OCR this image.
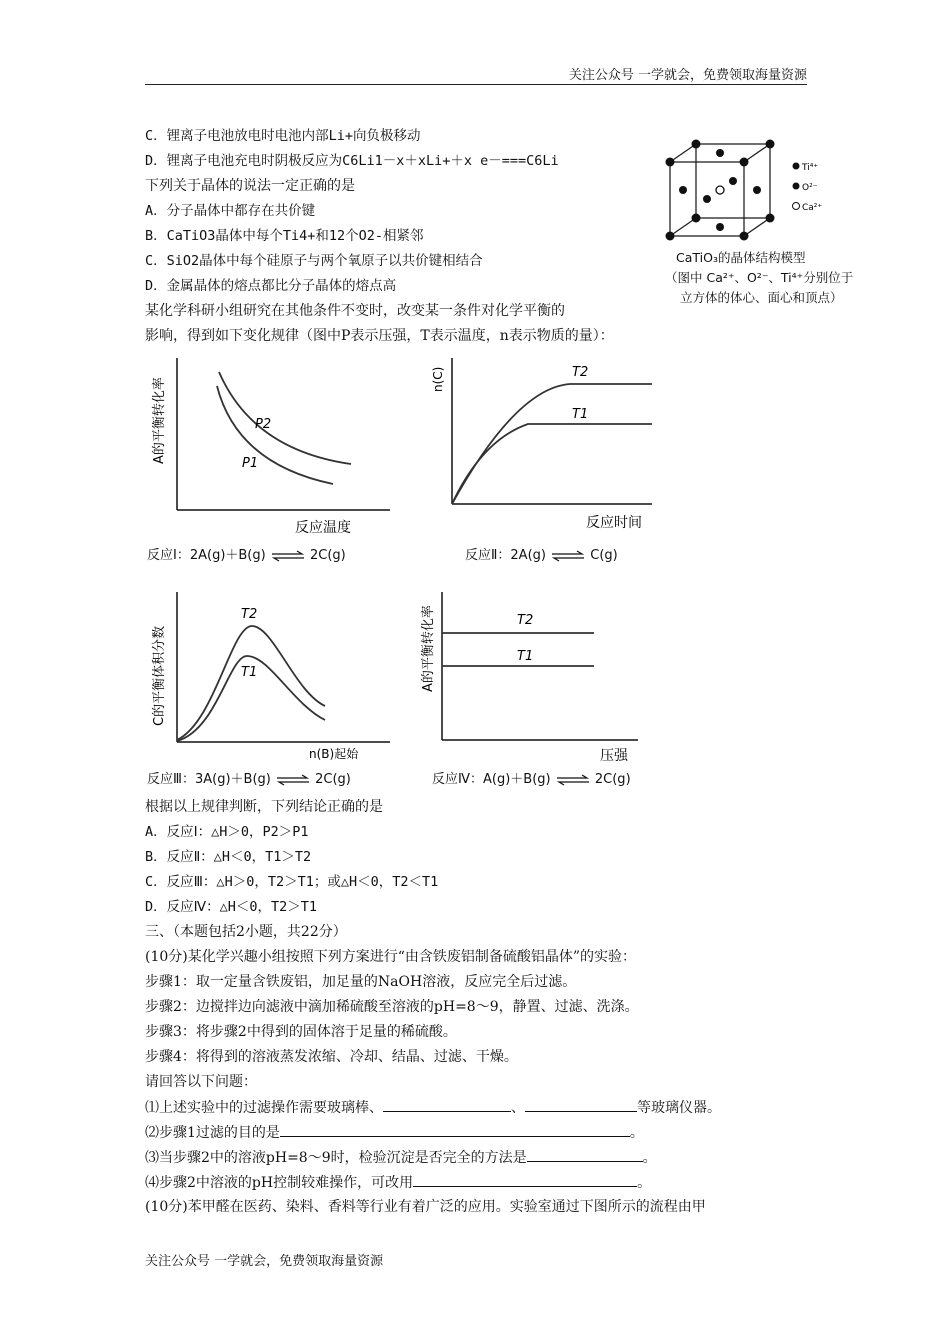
关注公众号 一学就会，免费领取海量资源
C．锂离子电池放电时电池内部Li+向负极移动
D．锂离子电池充电时阴极反应为C6Li1－x＋xLi+＋x e－===C6Li
下列关于晶体的说法一定正确的是
A．分子晶体中都存在共价键
B．CaTiO3晶体中每个Ti4+和12个O2-相紧邻
C．SiO2晶体中每个硅原子与两个氧原子以共价键相结合
D．金属晶体的熔点都比分子晶体的熔点高
某化学科研小组研究在其他条件不变时，改变某一条件对化学平衡的
影响，得到如下变化规律（图中P表示压强，T表示温度，n表示物质的量）：
Ti⁴⁺
O²⁻
Ca²⁺
CaTiO₃的晶体结构模型
（图中 Ca²⁺、O²⁻、Ti⁴⁺分别位于
立方体的体心、面心和顶点）
P2
P1
反应温度
A的平衡转化率
反应Ⅰ：2A(g)＋B(g) ⇌ 2C(g)
T2
T1
反应时间
n(C)
反应Ⅱ：2A(g) ⇌ C(g)
T2
T1
n(B)起始
C的平衡体积分数
反应Ⅲ：3A(g)＋B(g) ⇌ 2C(g)
T2
T1
压强
A的平衡转化率
反应Ⅳ：A(g)＋B(g) ⇌ 2C(g)
根据以上规律判断，下列结论正确的是
A．反应Ⅰ：△H＞0，P2＞P1
B．反应Ⅱ：△H＜0，T1＞T2
C．反应Ⅲ：△H＞0，T2＞T1；或△H＜0，T2＜T1
D．反应Ⅳ：△H＜0，T2＞T1
三、（本题包括2小题，共22分）
(10分)某化学兴趣小组按照下列方案进行“由含铁废铝制备硫酸铝晶体”的实验：
步骤1：取一定量含铁废铝，加足量的NaOH溶液，反应完全后过滤。
步骤2：边搅拌边向滤液中滴加稀硫酸至溶液的pH=8～9，静置、过滤、洗涤。
步骤3：将步骤2中得到的固体溶于足量的稀硫酸。
步骤4：将得到的溶液蒸发浓缩、冷却、结晶、过滤、干燥。
请回答以下问题：
⑴上述实验中的过滤操作需要玻璃棒、	、	等玻璃仪器。
⑵步骤1过滤的目的是	。
⑶当步骤2中的溶液pH=8～9时，检验沉淀是否完全的方法是	。
⑷步骤2中溶液的pH控制较难操作，可改用	。
(10分)苯甲醛在医药、染料、香料等行业有着广泛的应用。实验室通过下图所示的流程由甲
关注公众号 一学就会，免费领取海量资源
